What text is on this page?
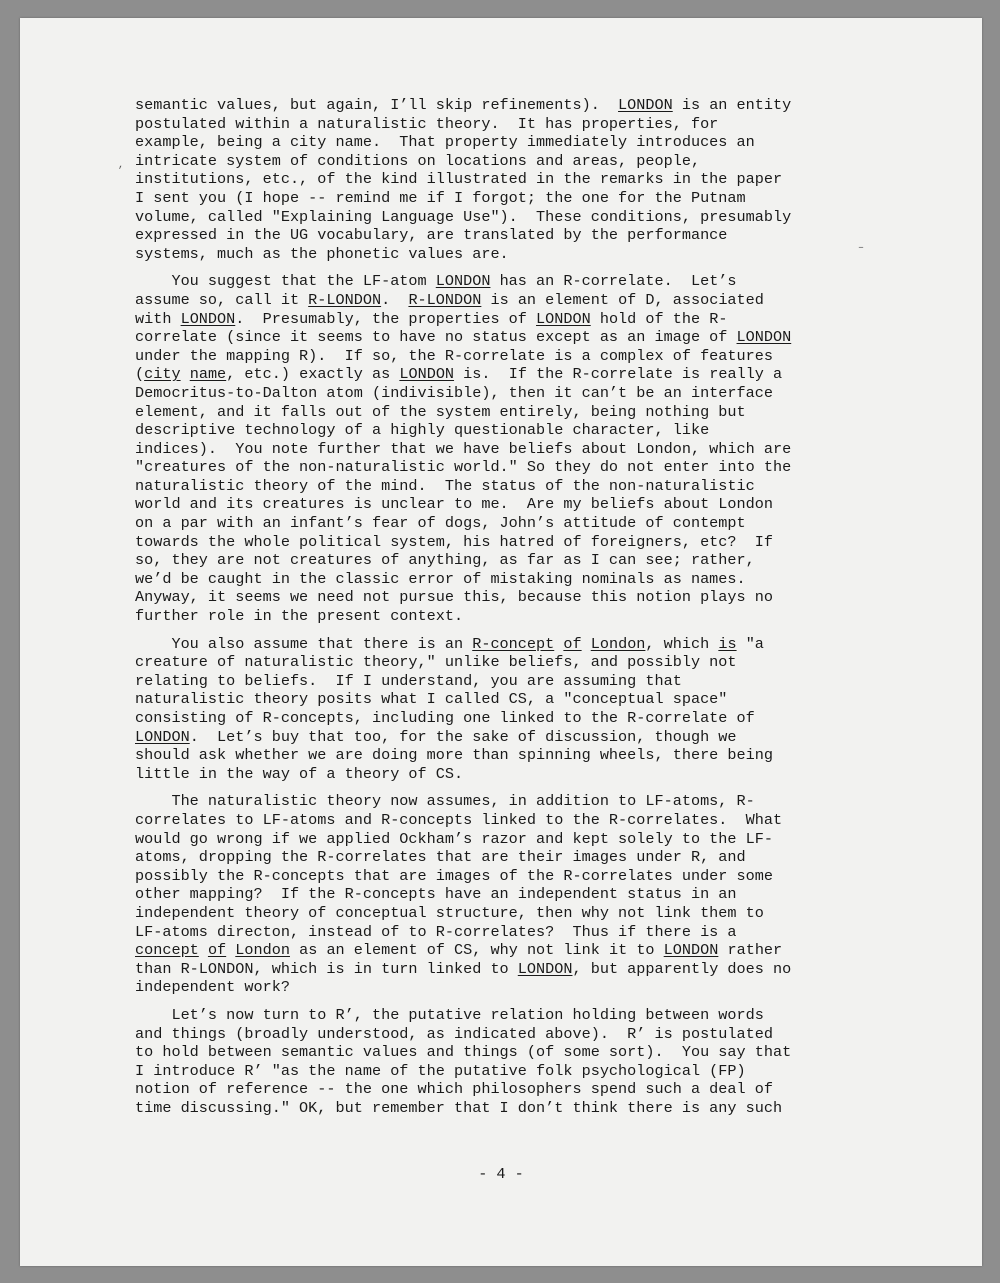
semantic values, but again, I’ll skip refinements).  LONDON is an entity
postulated within a naturalistic theory.  It has properties, for
example, being a city name.  That property immediately introduces an
intricate system of conditions on locations and areas, people,
institutions, etc., of the kind illustrated in the remarks in the paper
I sent you (I hope -- remind me if I forgot; the one for the Putnam
volume, called "Explaining Language Use").  These conditions, presumably
expressed in the UG vocabulary, are translated by the performance
systems, much as the phonetic values are.
You suggest that the LF-atom LONDON has an R-correlate.  Let’s
assume so, call it R-LONDON.  R-LONDON is an element of D, associated
with LONDON.  Presumably, the properties of LONDON hold of the R-
correlate (since it seems to have no status except as an image of LONDON
under the mapping R).  If so, the R-correlate is a complex of features
(city name, etc.) exactly as LONDON is.  If the R-correlate is really a
Democritus-to-Dalton atom (indivisible), then it can’t be an interface
element, and it falls out of the system entirely, being nothing but
descriptive technology of a highly questionable character, like
indices).  You note further that we have beliefs about London, which are
"creatures of the non-naturalistic world." So they do not enter into the
naturalistic theory of the mind.  The status of the non-naturalistic
world and its creatures is unclear to me.  Are my beliefs about London
on a par with an infant’s fear of dogs, John’s attitude of contempt
towards the whole political system, his hatred of foreigners, etc?  If
so, they are not creatures of anything, as far as I can see; rather,
we’d be caught in the classic error of mistaking nominals as names.
Anyway, it seems we need not pursue this, because this notion plays no
further role in the present context.
You also assume that there is an R-concept of London, which is "a
creature of naturalistic theory," unlike beliefs, and possibly not
relating to beliefs.  If I understand, you are assuming that
naturalistic theory posits what I called CS, a "conceptual space"
consisting of R-concepts, including one linked to the R-correlate of
LONDON.  Let’s buy that too, for the sake of discussion, though we
should ask whether we are doing more than spinning wheels, there being
little in the way of a theory of CS.
The naturalistic theory now assumes, in addition to LF-atoms, R-
correlates to LF-atoms and R-concepts linked to the R-correlates.  What
would go wrong if we applied Ockham’s razor and kept solely to the LF-
atoms, dropping the R-correlates that are their images under R, and
possibly the R-concepts that are images of the R-correlates under some
other mapping?  If the R-concepts have an independent status in an
independent theory of conceptual structure, then why not link them to
LF-atoms directon, instead of to R-correlates?  Thus if there is a
concept of London as an element of CS, why not link it to LONDON rather
than R-LONDON, which is in turn linked to LONDON, but apparently does no
independent work?
Let’s now turn to R’, the putative relation holding between words
and things (broadly understood, as indicated above).  R’ is postulated
to hold between semantic values and things (of some sort).  You say that
I introduce R’ "as the name of the putative folk psychological (FP)
notion of reference -- the one which philosophers spend such a deal of
time discussing." OK, but remember that I don’t think there is any such
,
–
- 4 -
